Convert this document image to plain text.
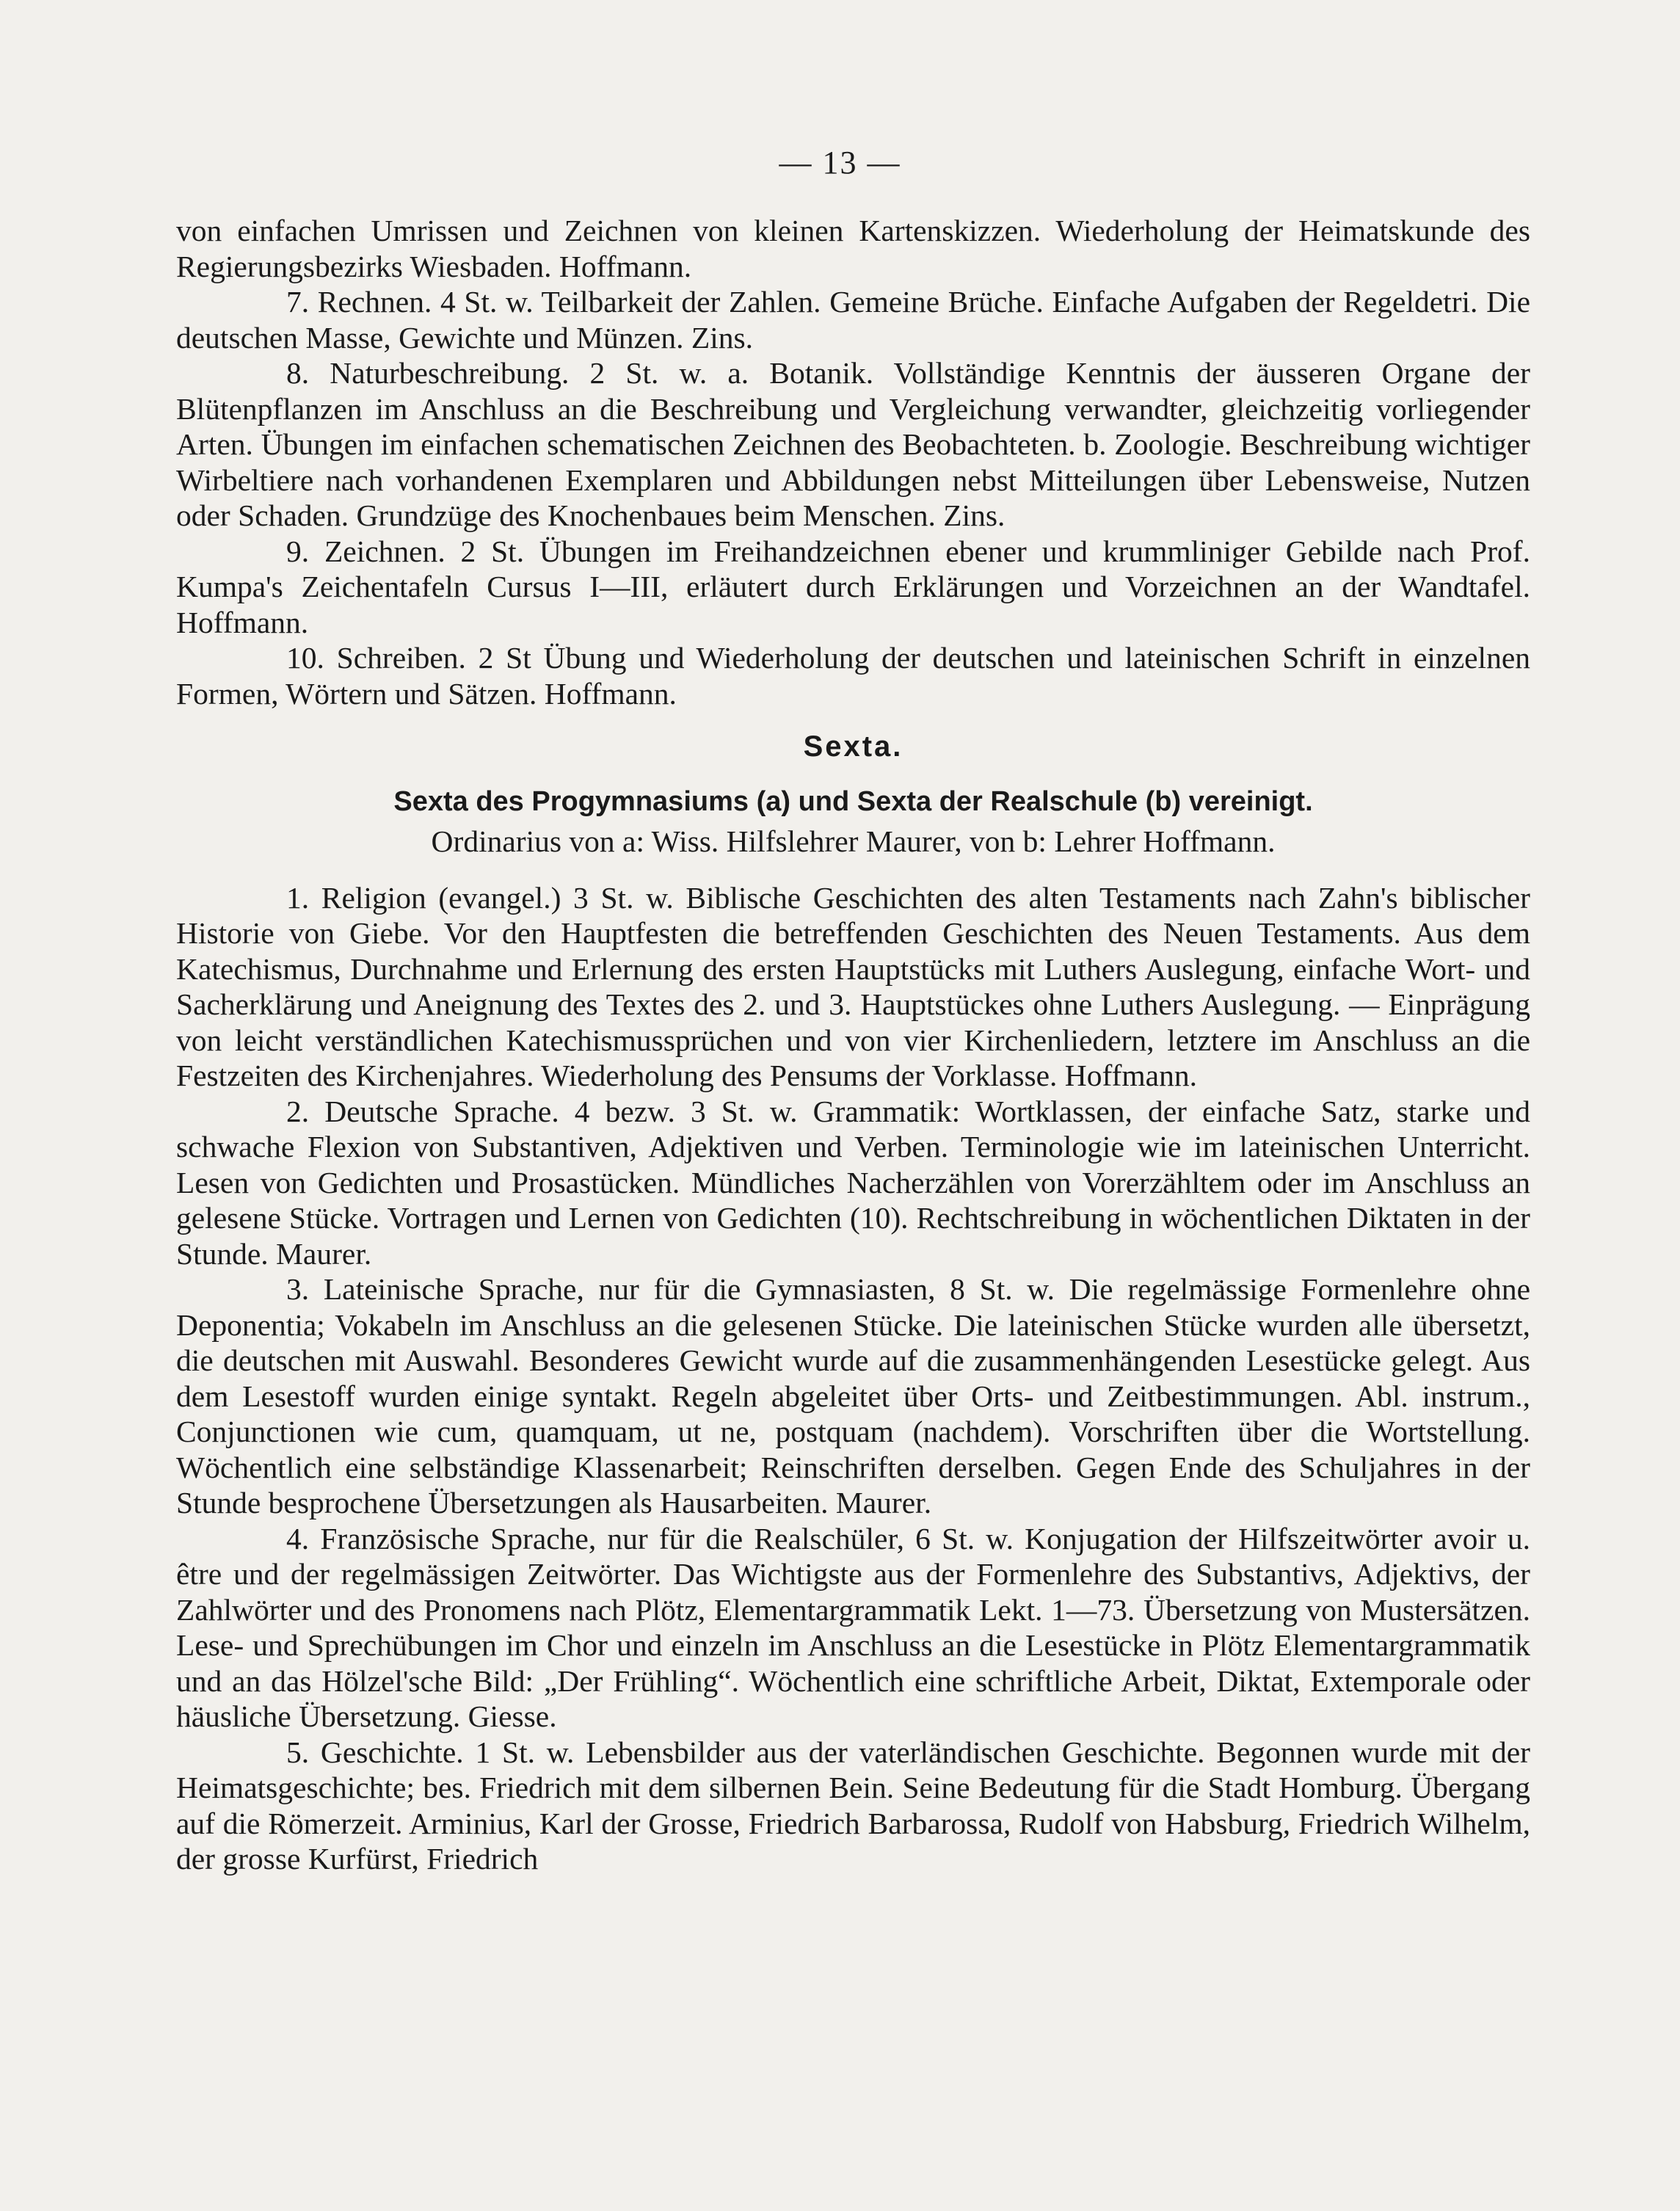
— 13 —

von einfachen Umrissen und Zeichnen von kleinen Kartenskizzen. Wiederholung der Heimatskunde des Regierungsbezirks Wiesbaden. Hoffmann.

7. Rechnen. 4 St. w. Teilbarkeit der Zahlen. Gemeine Brüche. Einfache Aufgaben der Regeldetri. Die deutschen Masse, Gewichte und Münzen. Zins.

8. Naturbeschreibung. 2 St. w. a. Botanik. Vollständige Kenntnis der äusseren Organe der Blütenpflanzen im Anschluss an die Beschreibung und Vergleichung verwandter, gleichzeitig vorliegender Arten. Übungen im einfachen schematischen Zeichnen des Beobachteten. b. Zoologie. Beschreibung wichtiger Wirbeltiere nach vorhandenen Exemplaren und Abbildungen nebst Mitteilungen über Lebensweise, Nutzen oder Schaden. Grundzüge des Knochenbaues beim Menschen. Zins.

9. Zeichnen. 2 St. Übungen im Freihandzeichnen ebener und krummliniger Gebilde nach Prof. Kumpa's Zeichentafeln Cursus I—III, erläutert durch Erklärungen und Vorzeichnen an der Wandtafel. Hoffmann.

10. Schreiben. 2 St Übung und Wiederholung der deutschen und lateinischen Schrift in einzelnen Formen, Wörtern und Sätzen. Hoffmann.

Sexta.

Sexta des Progymnasiums (a) und Sexta der Realschule (b) vereinigt.

Ordinarius von a: Wiss. Hilfslehrer Maurer, von b: Lehrer Hoffmann.

1. Religion (evangel.) 3 St. w. Biblische Geschichten des alten Testaments nach Zahn's biblischer Historie von Giebe. Vor den Hauptfesten die betreffenden Geschichten des Neuen Testaments. Aus dem Katechismus, Durchnahme und Erlernung des ersten Hauptstücks mit Luthers Auslegung, einfache Wort- und Sacherklärung und Aneignung des Textes des 2. und 3. Hauptstückes ohne Luthers Auslegung. — Einprägung von leicht verständlichen Katechismussprüchen und von vier Kirchenliedern, letztere im Anschluss an die Festzeiten des Kirchenjahres. Wiederholung des Pensums der Vorklasse. Hoffmann.

2. Deutsche Sprache. 4 bezw. 3 St. w. Grammatik: Wortklassen, der einfache Satz, starke und schwache Flexion von Substantiven, Adjektiven und Verben. Terminologie wie im lateinischen Unterricht. Lesen von Gedichten und Prosastücken. Mündliches Nacherzählen von Vorerzähltem oder im Anschluss an gelesene Stücke. Vortragen und Lernen von Gedichten (10). Rechtschreibung in wöchentlichen Diktaten in der Stunde. Maurer.

3. Lateinische Sprache, nur für die Gymnasiasten, 8 St. w. Die regelmässige Formenlehre ohne Deponentia; Vokabeln im Anschluss an die gelesenen Stücke. Die lateinischen Stücke wurden alle übersetzt, die deutschen mit Auswahl. Besonderes Gewicht wurde auf die zusammenhängenden Lesestücke gelegt. Aus dem Lesestoff wurden einige syntakt. Regeln abgeleitet über Orts- und Zeitbestimmungen. Abl. instrum., Conjunctionen wie cum, quamquam, ut ne, postquam (nachdem). Vorschriften über die Wortstellung. Wöchentlich eine selbständige Klassenarbeit; Reinschriften derselben. Gegen Ende des Schuljahres in der Stunde besprochene Übersetzungen als Hausarbeiten. Maurer.

4. Französische Sprache, nur für die Realschüler, 6 St. w. Konjugation der Hilfszeitwörter avoir u. être und der regelmässigen Zeitwörter. Das Wichtigste aus der Formenlehre des Substantivs, Adjektivs, der Zahlwörter und des Pronomens nach Plötz, Elementargrammatik Lekt. 1—73. Übersetzung von Mustersätzen. Lese- und Sprechübungen im Chor und einzeln im Anschluss an die Lesestücke in Plötz Elementargrammatik und an das Hölzel'sche Bild: „Der Frühling“. Wöchentlich eine schriftliche Arbeit, Diktat, Extemporale oder häusliche Übersetzung. Giesse.

5. Geschichte. 1 St. w. Lebensbilder aus der vaterländischen Geschichte. Begonnen wurde mit der Heimatsgeschichte; bes. Friedrich mit dem silbernen Bein. Seine Bedeutung für die Stadt Homburg. Übergang auf die Römerzeit. Arminius, Karl der Grosse, Friedrich Barbarossa, Rudolf von Habsburg, Friedrich Wilhelm, der grosse Kurfürst, Friedrich
